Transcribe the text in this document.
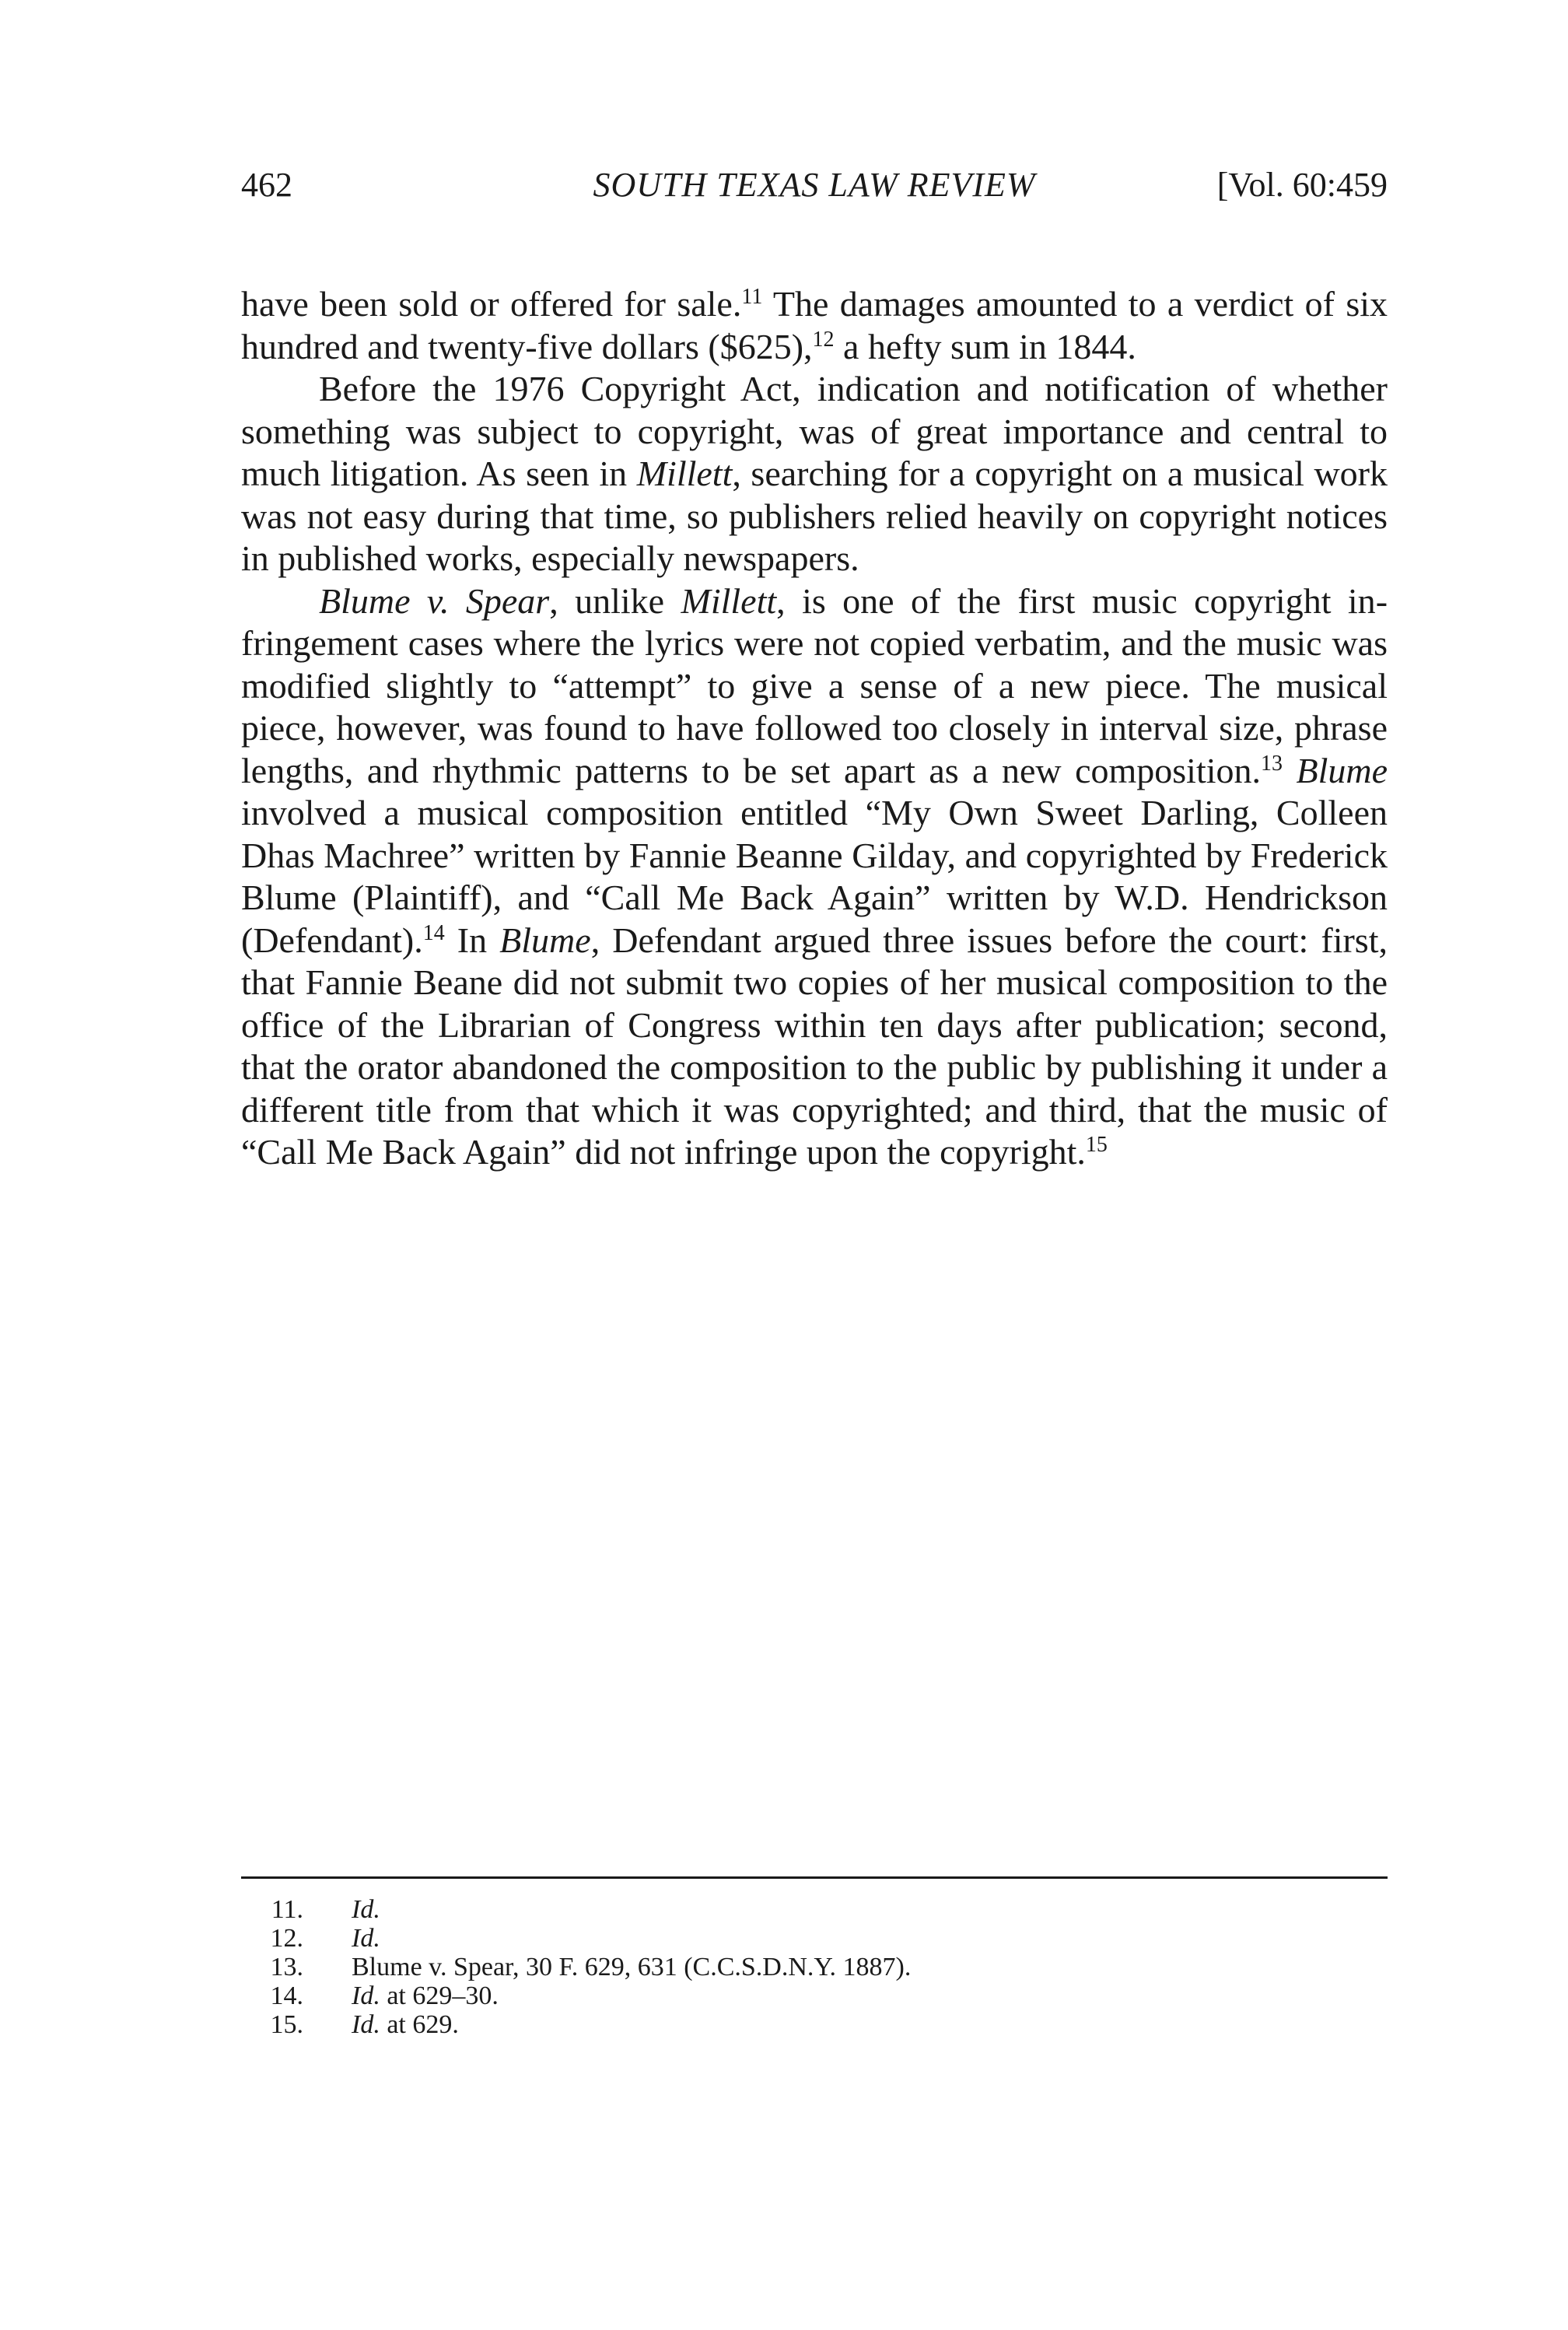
462	SOUTH TEXAS LAW REVIEW	[Vol. 60:459

have been sold or offered for sale.$^{11}$ The damages amounted to a verdict of six hundred and twenty-five dollars ($625),$^{12}$ a hefty sum in 1844.

Before the 1976 Copyright Act, indication and notification of whether something was subject to copyright, was of great importance and central to much litigation. As seen in Millett, searching for a copyright on a musical work was not easy during that time, so publishers relied heavily on copyright notices in published works, especially newspapers.

Blume v. Spear, unlike Millett, is one of the first music copyright infringement cases where the lyrics were not copied verbatim, and the music was modified slightly to “attempt” to give a sense of a new piece. The musical piece, however, was found to have followed too closely in interval size, phrase lengths, and rhythmic patterns to be set apart as a new composition.$^{13}$ Blume involved a musical composition entitled “My Own Sweet Darling, Colleen Dhas Machree” written by Fannie Beanne Gilday, and copyrighted by Frederick Blume (Plaintiff), and “Call Me Back Again” written by W.D. Hendrickson (Defendant).$^{14}$ In Blume, Defendant argued three issues before the court: first, that Fannie Beane did not submit two copies of her musical composition to the office of the Librarian of Congress within ten days after publication; second, that the orator abandoned the composition to the public by publishing it under a different title from that which it was copyrighted; and third, that the music of “Call Me Back Again” did not infringe upon the copyright.$^{15}$

11. Id.
12. Id.
13. Blume v. Spear, 30 F. 629, 631 (C.C.S.D.N.Y. 1887).
14. Id. at 629–30.
15. Id. at 629.
